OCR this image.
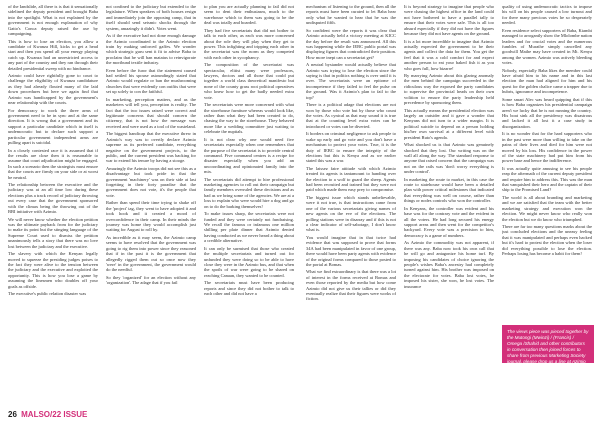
of the Iandslide, all there is is that it sensationally sidelined the deputy president and brought Baba into the spotlight. What is not explained by the government is not enough explanation of why Gatto's Conca deputy raised the axe by campaigning.

This is how to lose an election, you allow a candidate of Kwanza Hill, kicks to get a head start and then you spend all your energy playing catch up. Kwanza had an unrestricted access to any part of the country and they ran through their detailed presidential sweep with no hindrance.

Azimio could have rightfully gone to court to challenge the eligibility of Kwanza candidature as they had already flouted many of the laid down procedures but here we again find that Azimio was handicapped by the government's near relationship with the courts.

For democracy to work the three arms of government need to be in sync and at the same direction. It is wrong that a government and its support a particular candidate which in itself is undemocratic but to declare such support a particular government independent arms are pulling apart is suicidal.

In a closely contested race it is assumed that if the results are close then it is reasonable to assume that court adjudication might be engaged. In such a scenario then the strategists must ensure that the courts are firmly on your side or at worst be neutral.

The relationship between the executive and the judiciary was at an all time low during these elections plus a track record of judiciary throwing out every case that the government sponsored with the climax being the throwing out of the BBI initiative with Azimio.

We will never know whether the election petition was the ultimate payback from for the judiciary to make its point but the stinging language of the Supreme Court used to dismiss the petition unanimously tells a story that there was no love lost between the judiciary and the executive.

The slavery with which the Kenyan legally moved to squeeze the presiding judges poises to the fact they were alive to the tension between the judiciary and the executive and exploited the opportunity. This is how you lose a game by assuming the linesmen who doubles off your goals as offside.

The executive's public relation disaster was

not confined to the judiciary but extended to the legislature. When speakers of both houses resign and immediately join the opposing camp, that in itself should send seismic shocks through the system, amazingly it didn't. Votes went.

As if the executive had not done enough damage the Azimio coordinated to the Azimio election train by making unforced gaffes. We wonder which strategic guru sent it fit to advise Baba to proclaim that he will ban matatus to reinvigorate the moribund textile industry.

Even before the furor that the statement caused had settled his spouse astoundingly stated that Azimio would regulate or ban the mushrooming churches that were evidently con outfits that were set up solely to con the faithful.

In marketing, perception matters, and as the marketers will tell you, perception is reality. The fact that the two issues raised were correct and legitimate concerns that should concern the citizenry, that is not how the message was received and were used as a tool of the wasteland.

The biggest handicap that the executive threw in Azimio's way was to overtly declare Azimio supreme as its preferred candidate, everything negative on the government projects, to the public, and the current president was backing for war to extend his tenure by having a stooge.

Amazingly the Azimio troops did not see this as a disadvantage but took pride in that the government 'machinery' was on their side at last forgetting in their forty paradise that the government does not vote, it's the people that vote.

Rather than spend their time trying to shake off the 'project' tag, they went to have adopted it and took hook and it created a mood of overconfidence in their camp. In their minds the journey was home they would accomplish just waiting for August to roll by.

As incredible as it may seem, the Azimio camp seems to have resolved that the government was going to rig them into power since they reasoned that if in the past it is the government that allegedly rigged them out so once now they 'were' in the government, the government would do the needful.

So they 'organized' for an election without any 'organization'. The adage that if you fail

to plan you are actually planning to fail did not seem to dent their enthusiasm, much to the warehouse which to them was going to be the deal was totally and boarded.

They had five secretariats that did not bother to talk to each other, as each was more concerned about the role they will play when they get to power. This infighting and tripping each other in the secretariat was the norm as they competed with each other in sycophancy.

The composition of the secretariat was spectacular, elitist many were professors, lawyers, doctors and all those that could put together a world class theoretical manifesto but none of the county grass root political operatives who knew how to get the badly needed extra vote.

The secretariats were more concerned with what the storehouse furniture whereas would look like, rather than what they had been created to do, chasing the way to the storehouse. They behaved more like a wedding committee just waiting to celebrate the nuptials.

It is not clear why one would need five secretariats especially when one remembers that the purpose of the secretariat is to provide central command. Five command centres is a recipe for disaster especially when you add an uncoordinating and opinionated family into the mix.

The secretariats did attempt to hire professional marketing agencies to roll out their campaign but family members overruled these decisions and as bad as we bring some of the agencies. We are at a loss to explain who were would hire a dog and go on to do the barking themselves!

To make issues sharp, the secretariats were not funded and they were certainly not fundraising. We recall the famous or infamous one million shilling per plate dinner that Azimio denied having conducted as we never heard a thing about a credible alternative.

It can only be surmised that those who created the multiple secretariats and turned out for unfunded they were doing so to be able to have close they were in the Azimio bus, and that when the spoils of war were going to be shared on reaching Canaan, they wanted to be counted.

The secretariats must have been producing reports and since they did not bother to talk to each other and did not have a

mechanism of listening to the ground, then all the reports must have been curated to let Baba hear only what he wanted to hear that he was the undisputed fifth.

So confident were the reports it was clear that Azimio actually held a victory meeting at KICC the day before the result was announced. All this was happening while the IEBC public portal was displaying figures that contradicted their position. How more inept can a secretariat get?

A neutral bystander would actually believe that Azimio was trying to lose the election since the saying is that in politics nothing is over until it is over. The secretariats were an epitome of incompetence if they failed to feel the pulse on the ground. Was it Azimio's plan to fail to the top?

There is a political adage that elections are not won by those who vote but by those who count the votes. As cynical as that may sound it is true that at the counting level extra votes can be introduced or votes can be diverted.

It borders on criminal negligence to ask people to wake up early and go vote and you don't have a mechanism to protect your votes. True, it is the duty of IEBC to ensure the integrity of the elections but this is Kenya and as we earlier stated this was a war.

The laissez faire attitude with which Azimio treated its agents is tantamount to handing over the election to a wolf to guard the sheep. Agents had been recruited and trained but they were not paid which made them easy prey to compromise.

The biggest issue which stands unbelievable, were it not true, is that instructions came from one of the various secretariats giving names of new agents on the eve of the elections. The polling stations were in disarray and if this is not a clear indicator of self-sabotage, I don't know what is.

You would imagine that in that twice had evidence that was supposed to prove that forms 34A had been manipulated in favor of one group, there would have been party agents with evidence of the original forms compared to those posted to the portal at Bomas.

What we find extraordinary is that there was a lot of interest in the forms received at Bomas and even those reported by the media but how come Azimio did not give us their tallies or did they eventually realize that their figures were works of fiction.

It is beyond strategy to imagine that people who were chasing the highest office in the land could not have bothered to have a parallel tally to ensure that their votes were safe. This is all too absurd especially if they did not have the figures because they did not have agents on the ground.

It is a lot more incredible to imagine that Azimio actually expected the government to be their agents and collect the data for them. You get the feel that it was a cold comfort for and expect another person to eat your baked fish it as you who goes full, how bizarre!

By marrying Azimio about this glaring anomaly the men behind the campaign succeeded in the ridiculous way the exposed the party candidates to supervise the provincial heads on their own volition to ensure the party leadership held precedence by sponsoring them.

This actually means the presidential election was largely an outsider and it gave a wonder that Kenyans did not turn to a wider margin. It is political suicide to depend on a person holding his/her own survival at a different level with president Ruto's agenda.

What shocked us is that Azimio was genuinely shocked that they lost. Our writing was on the wall all along the way. The standard response to anyone that raised concern that the campaign was not on the rails was 'don't worry everything is under control'.

In marketing the route to market, in this case the route to statehouse would have been a detailed plan with power critical milestones that indicated that everything was well on course, rather than things or nodes controls who won the controller.

In Kenyans, the controller was evident and his base was for the contrary vote and the evident in all the voters. He had long secured his energy support areas and then went for the competitor's backyard. Every vote was a precision to him, democracy is a game of numbers.

As Azimio the commodity was not apparent, if there was any. Baba now took his own call that he will go and antagonize his home turf. By imposing his candidates of choice ignoring the people's wishes Baba's ancestry had completely turned against him. His brother was imposed on the electorate for votes. Baba lost votes, he imposed his sister, she won, he lost votes. The insurance

quality of using undemocratic tactics to impose his will on his people caused a low turnout and for there many precious votes he so desperately needed.

Even residence select supporters of Baba, Kiambi managed to arrogantly show the Mlolombe nation leaders and for crucial votes and the numerous fumbles of Murathe simply cancelled any goodwill Mathe may have created in Mt. Kenya among the women. Azimio was actively bleeding votes.

Nobody, especially Baba likes the member could have afraid him to his name and in this last election the man had aligned for him and his quest for the golden chalice came a trapper due to hubris, ignorance and incompetence.

Some smart Alec was heard quipping that if this is how Baba organizes his presidential campaign aren't we lucky that he is not running the country. His boat sink all the presidency was disastrous and lacked it all lost it a case study in disorganization.

It is no wonder that for the hard supporters who in the past were more than willing to take on the pains of their lives and died for him were not moved by his loss. His confidence in the power of the state machinery had put him from his power base and hence the indifference.

It was actually quite amusing to see his people reap the aftermath of the current deputy president and require him to address this. This was the man that vanquished their hero and the captain of their ship to the Promised Land?

The world is all about branding and marketing and we are satisfied that the team with the better marketing strategy and execution won the election. We might never know who really won the election but we do know who triumphed.

There are far too many questions marks about the just concluded elections and the uneasy feeling that it was manipulated and perhaps even hacked but it's hard to protest the election when the loser did everything possible to lose the election. Perhaps losing has become a habit for them!

The views piece was pieced together by the Mutongi (Mwinzi) / (Francis) / Omega /Shahid and other contributors in conversation then joined forces to share from previous Marketing Society journal, please drop us a line at Azimio contributions editorial.
26 MALSO/22 ISSUE
